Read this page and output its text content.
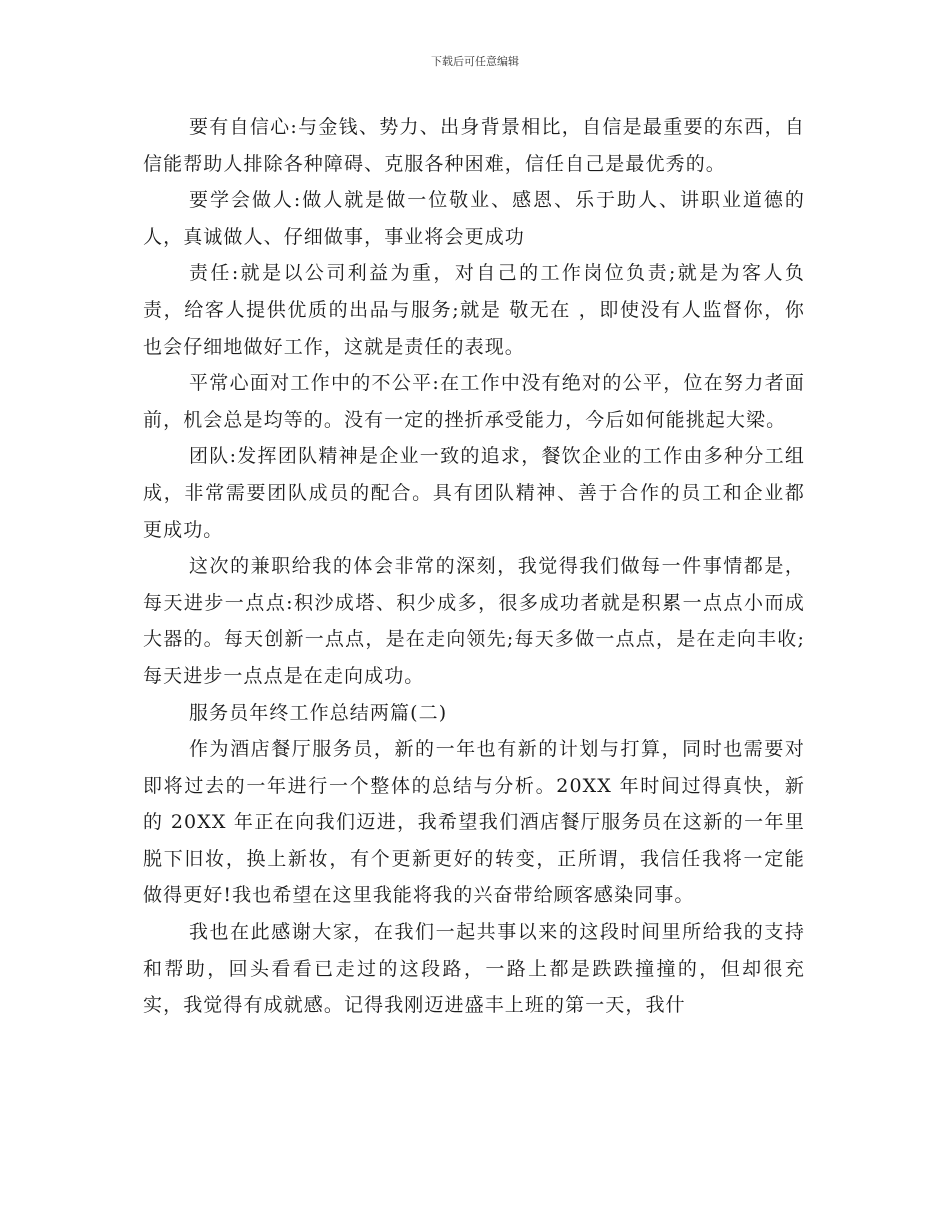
下载后可任意编辑

要有自信心:与金钱、势力、出身背景相比，自信是最重要的东西，自信能帮助人排除各种障碍、克服各种困难，信任自己是最优秀的。

要学会做人:做人就是做一位敬业、感恩、乐于助人、讲职业道德的人，真诚做人、仔细做事，事业将会更成功

责任:就是以公司利益为重，对自己的工作岗位负责;就是为客人负责，给客人提供优质的出品与服务;就是 敬无在 ，即使没有人监督你，你也会仔细地做好工作，这就是责任的表现。

平常心面对工作中的不公平:在工作中没有绝对的公平，位在努力者面前，机会总是均等的。没有一定的挫折承受能力，今后如何能挑起大梁。

团队:发挥团队精神是企业一致的追求，餐饮企业的工作由多种分工组成，非常需要团队成员的配合。具有团队精神、善于合作的员工和企业都更成功。

这次的兼职给我的体会非常的深刻，我觉得我们做每一件事情都是，每天进步一点点:积沙成塔、积少成多，很多成功者就是积累一点点小而成大器的。每天创新一点点，是在走向领先;每天多做一点点，是在走向丰收;每天进步一点点是在走向成功。

服务员年终工作总结两篇(二)

作为酒店餐厅服务员，新的一年也有新的计划与打算，同时也需要对即将过去的一年进行一个整体的总结与分析。20XX 年时间过得真快，新的 20XX 年正在向我们迈进，我希望我们酒店餐厅服务员在这新的一年里脱下旧妆，换上新妆，有个更新更好的转变，正所谓，我信任我将一定能做得更好!我也希望在这里我能将我的兴奋带给顾客感染同事。

我也在此感谢大家，在我们一起共事以来的这段时间里所给我的支持和帮助，回头看看已走过的这段路，一路上都是跌跌撞撞的，但却很充实，我觉得有成就感。记得我刚迈进盛丰上班的第一天，我什
